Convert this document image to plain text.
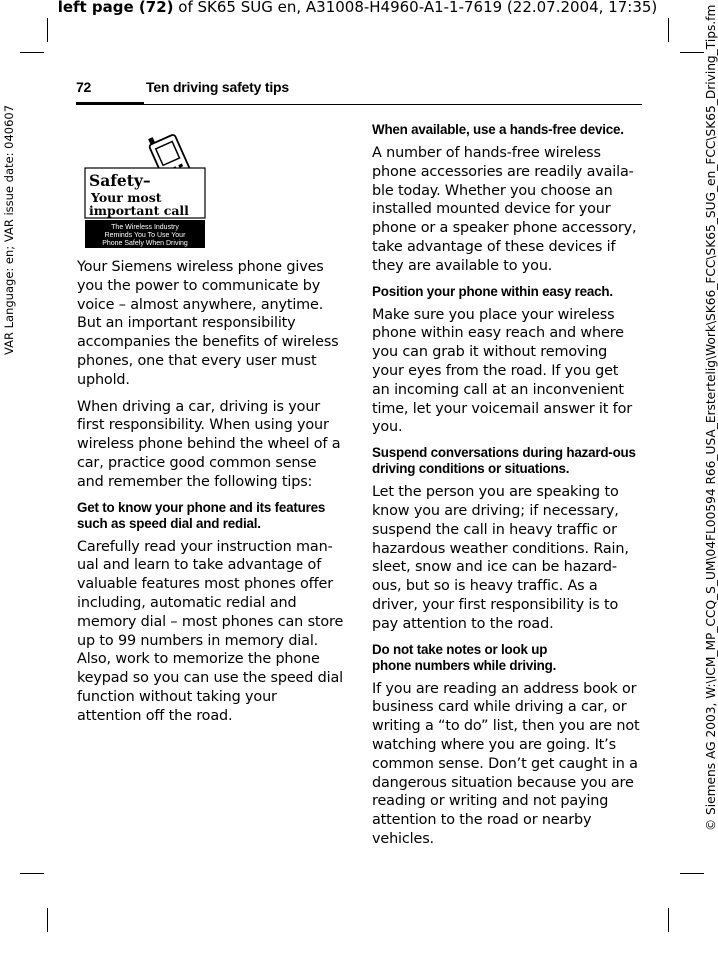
left page (72) of SK65 SUG en, A31008-H4960-A1-1-7619 (22.07.2004, 17:35)
VAR Language: en; VAR issue date: 040607	© Siemens AG 2003, W:\ICM_MP_CCQ_S_UM\04FL00594 R66_USA_Erstertelig\Work\SK66_FCC\SK65_SUG_en_FCC\SK65_Driving_Tips.fm
72	Ten driving safety tips
Safety–
Your most
important call
The Wireless Industry
Reminds You To Use Your
Phone Safely When Driving

Your Siemens wireless phone gives you the power to communicate by voice – almost anywhere, anytime. But an important responsibility accompanies the benefits of wireless phones, one that every user must uphold.

When driving a car, driving is your first responsibility. When using your wireless phone behind the wheel of a car, practice good common sense and remember the following tips:

Get to know your phone and its features such as speed dial and redial.

Carefully read your instruction man-ual and learn to take advantage of valuable features most phones offer including, automatic redial and memory dial – most phones can store up to 99 numbers in memory dial. Also, work to memorize the phone keypad so you can use the speed dial function without taking your attention off the road.

When available, use a hands-free device.

A number of hands-free wireless phone accessories are readily availa-ble today. Whether you choose an installed mounted device for your phone or a speaker phone accessory, take advantage of these devices if they are available to you.

Position your phone within easy reach.

Make sure you place your wireless phone within easy reach and where you can grab it without removing your eyes from the road. If you get an incoming call at an inconvenient time, let your voicemail answer it for you.

Suspend conversations during hazard-ous driving conditions or situations.

Let the person you are speaking to know you are driving; if necessary, suspend the call in heavy traffic or hazardous weather conditions. Rain, sleet, snow and ice can be hazard-ous, but so is heavy traffic. As a driver, your first responsibility is to pay attention to the road.

Do not take notes or look up
phone numbers while driving.

If you are reading an address book or business card while driving a car, or writing a “to do” list, then you are not watching where you are going. It’s common sense. Don’t get caught in a dangerous situation because you are reading or writing and not paying attention to the road or nearby vehicles.
